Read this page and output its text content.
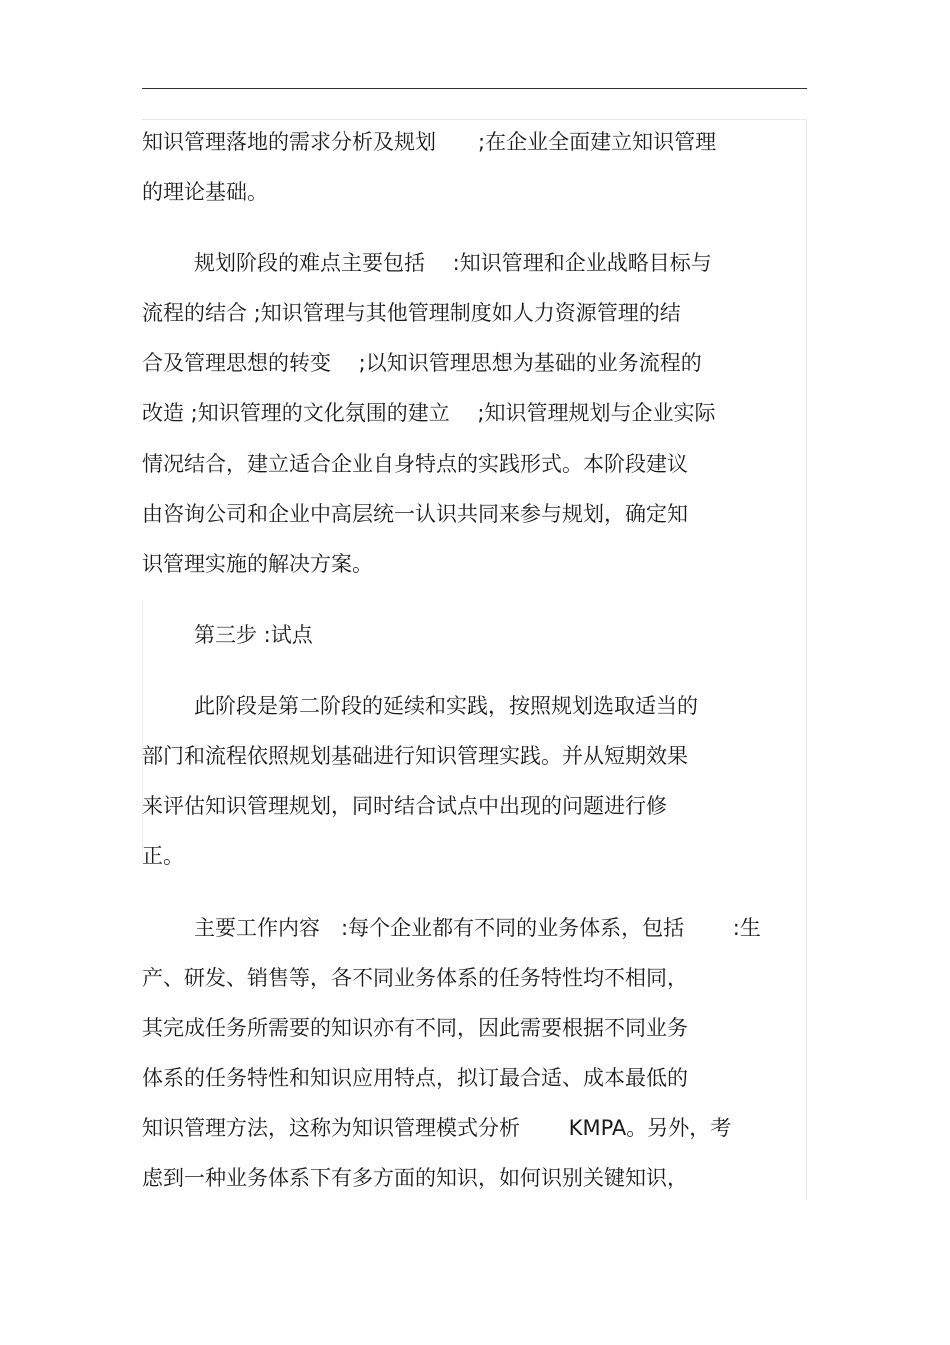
知识管理落地的需求分析及规划　　;在企业全面建立知识管理

的理论基础。

规划阶段的难点主要包括　 :知识管理和企业战略目标与

流程的结合 ;知识管理与其他管理制度如人力资源管理的结

合及管理思想的转变　 ;以知识管理思想为基础的业务流程的

改造 ;知识管理的文化氛围的建立　 ;知识管理规划与企业实际

情况结合，建立适合企业自身特点的实践形式。本阶段建议

由咨询公司和企业中高层统一认识共同来参与规划，确定知

识管理实施的解决方案。

第三步 :试点

此阶段是第二阶段的延续和实践，按照规划选取适当的

部门和流程依照规划基础进行知识管理实践。并从短期效果

来评估知识管理规划，同时结合试点中出现的问题进行修

正。

主要工作内容　:每个企业都有不同的业务体系，包括　　 :生

产、研发、销售等，各不同业务体系的任务特性均不相同，

其完成任务所需要的知识亦有不同，因此需要根据不同业务

体系的任务特性和知识应用特点，拟订最合适、成本最低的

知识管理方法，这称为知识管理模式分析　　 KMPA。另外，考

虑到一种业务体系下有多方面的知识，如何识别关键知识，
